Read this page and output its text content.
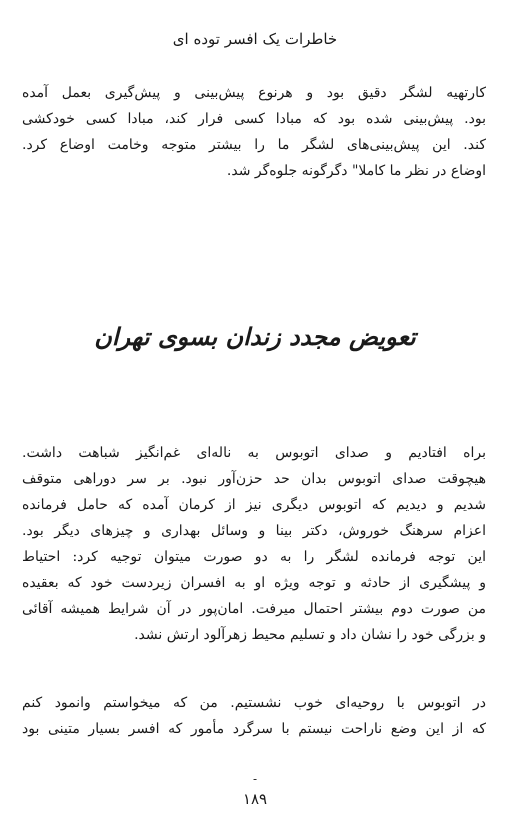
خاطرات یک افسر توده ای
کارتهیه لشگر دقیق بود و هرنوع پیش‌بینی و پیش‌گیری بعمل آمده
بود. پیش‌بینی شده بود که مبادا کسی فرار کند، مبادا کسی خودکشی
کند. این پیش‌بینی‌های لشگر ما را بیشتر متوجه وخامت اوضاع کرد.
اوضاع در نظر ما کاملا" دگرگونه جلوه‌گر شد.
تعویض مجدد زندان بسوی تهران
براه افتادیم و صدای اتوبوس به ناله‌ای غم‌انگیز شباهت داشت.
هیچوقت صدای اتوبوس بدان حد حزن‌آور نبود. بر سر دوراهی متوقف
شدیم و دیدیم که اتوبوس دیگری نیز از کرمان آمده که حامل فرمانده
اعزام سرهنگ خوروش، دکتر بینا و وسائل بهداری و چیزهای دیگر بود.
این توجه فرمانده لشگر را به دو صورت میتوان توجیه کرد: احتیاط
و پیشگیری از حادثه و توجه ویژه او به افسران زیردست خود که بعقیده
من صورت دوم بیشتر احتمال میرفت. امان‌پور در آن شرایط همیشه آقائی
و بزرگی خود را نشان داد و تسلیم محیط زهرآلود ارتش نشد.
در اتوبوس با روحیه‌ای خوب نشستیم. من که میخواستم وانمود کنم
که از این وضع ناراحت نیستم با سرگرد مأمور که افسر بسیار متینی بود
-
۱۸۹
